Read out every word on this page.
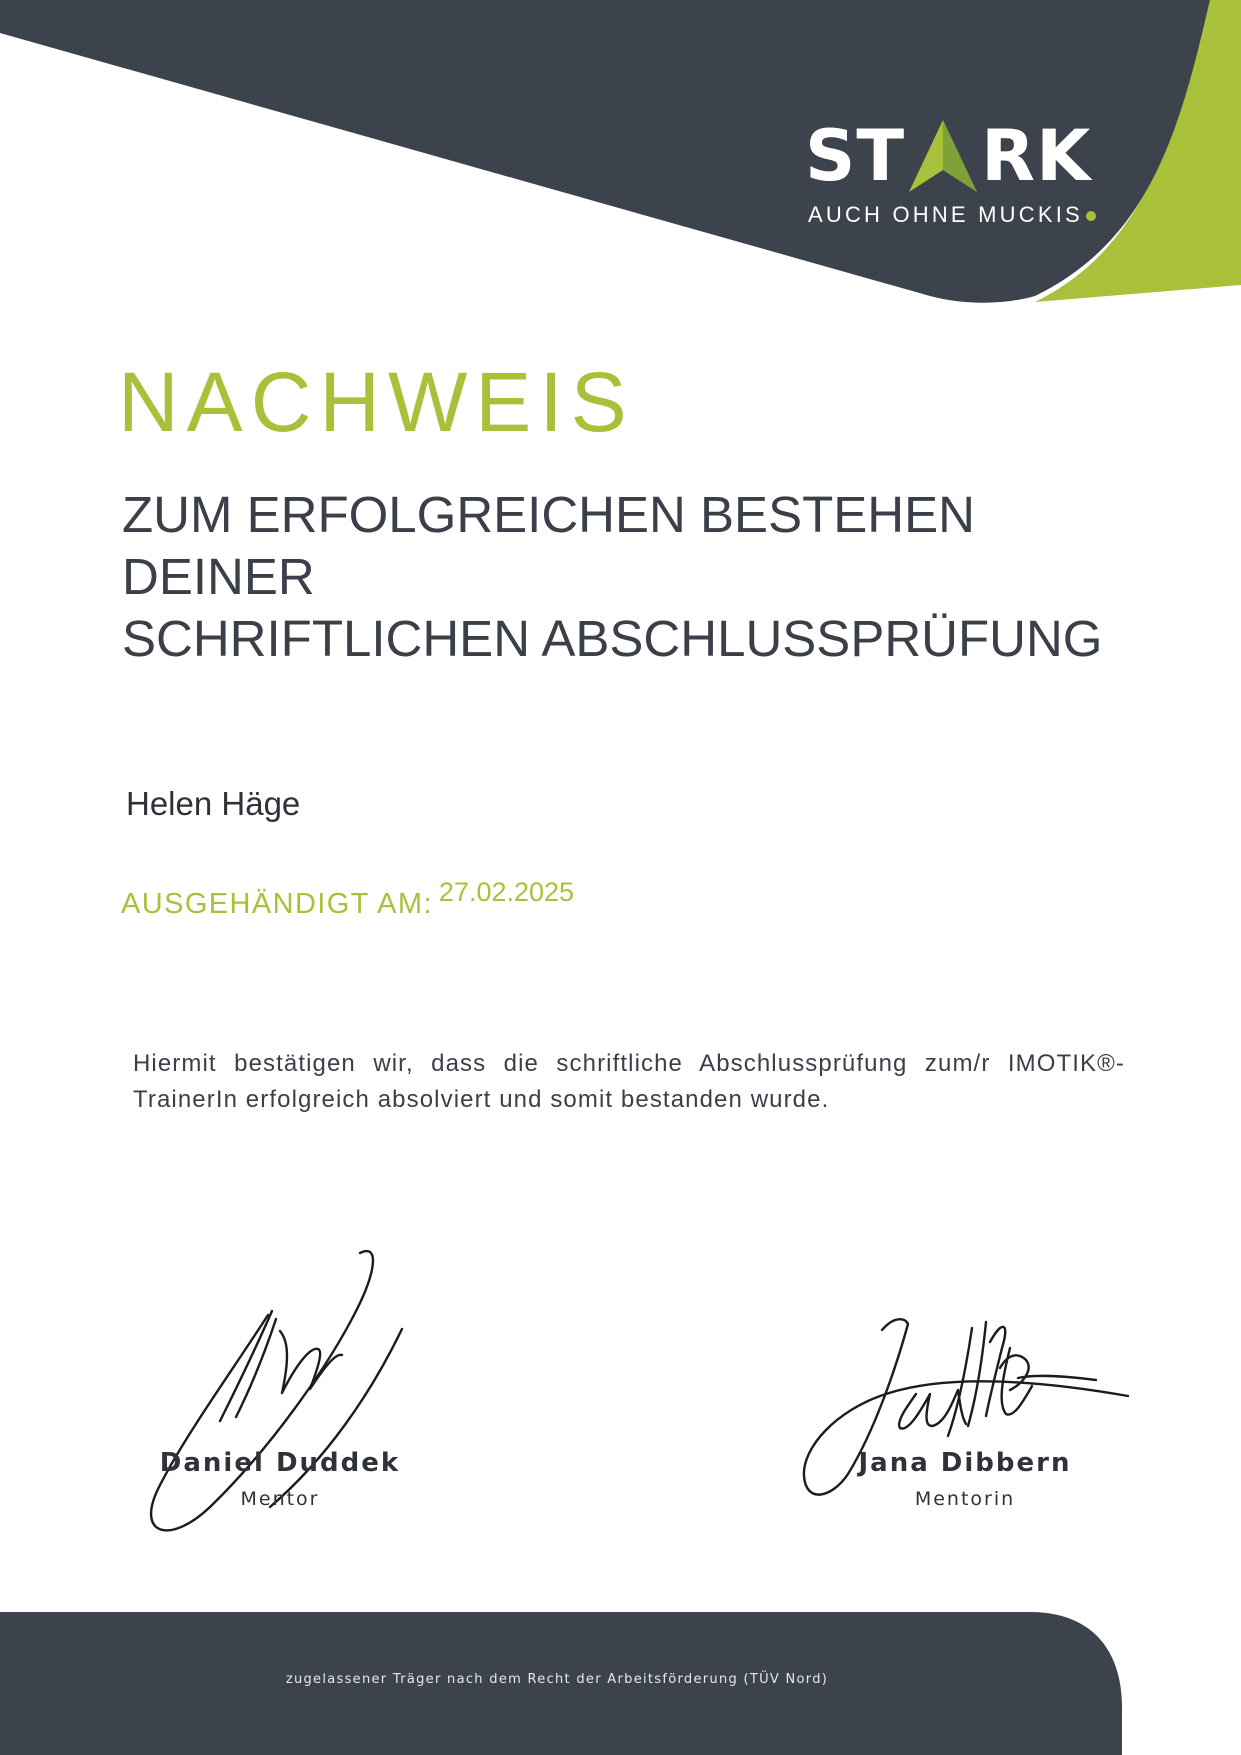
ST RK
AUCH OHNE MUCKIS
NACHWEIS
ZUM ERFOLGREICHEN BESTEHEN
DEINER
SCHRIFTLICHEN ABSCHLUSSPRÜFUNG
Helen Häge
AUSGEHÄNDIGT AM: 27.02.2025
Hiermit bestätigen wir, dass die schriftliche Abschlussprüfung zum/r IMOTIK®-TrainerIn erfolgreich absolviert und somit bestanden wurde.
Daniel Duddek
Mentor
Jana Dibbern
Mentorin
zugelassener Träger nach dem Recht der Arbeitsförderung (TÜV Nord)
